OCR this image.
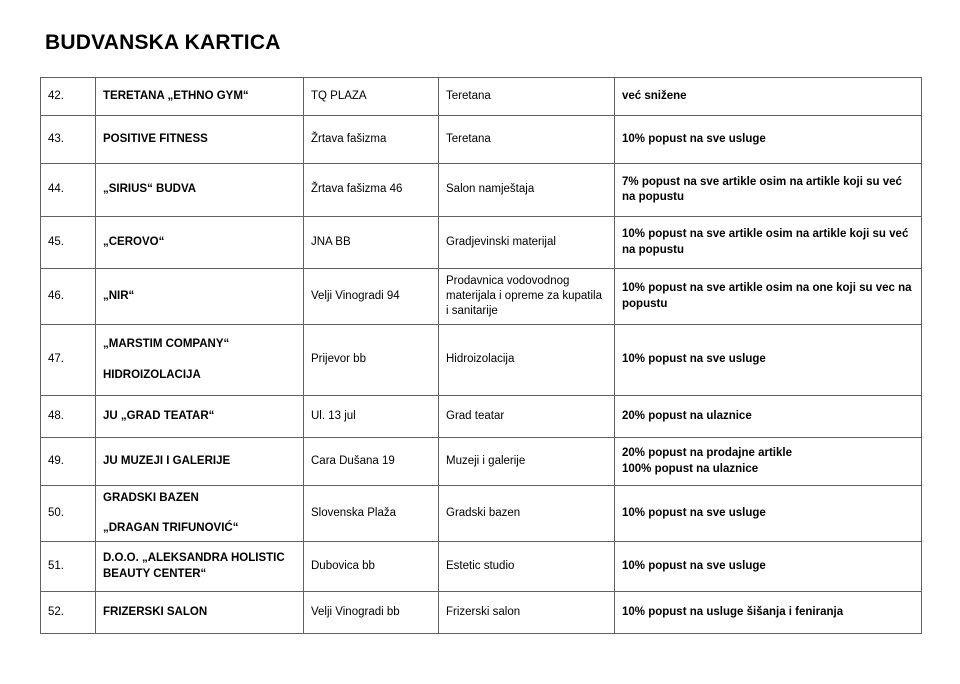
BUDVANSKA KARTICA
42.	TERETANA „ETHNO GYM“	TQ PLAZA	Teretana	već snižene

43.	POSITIVE FITNESS	Žrtava fašizma	Teretana	10% popust na sve usluge

44.	„SIRIUS“ BUDVA	Žrtava fašizma 46	Salon namještaja	7% popust na sve artikle osim na artikle koji su već na popustu

45.	„CEROVO“	JNA BB	Gradjevinski materijal	10% popust na sve artikle osim na artikle koji su već na popustu

46.	„NIR“	Velji Vinogradi 94	Prodavnica vodovodnog materijala i opreme za kupatila i sanitarije	10% popust na sve artikle osim na one koji su vec na popustu

47.	„MARSTIM COMPANY“
HIDROIZOLACIJA	Prijevor bb	Hidroizolacija	10% popust na sve usluge

48.	JU „GRAD TEATAR“	Ul. 13 jul	Grad teatar	20% popust na ulaznice

49.	JU MUZEJI I GALERIJE	Cara Dušana 19	Muzeji i galerije	20% popust na prodajne artikle
100% popust na ulaznice

50.	GRADSKI BAZEN
„DRAGAN TRIFUNOVIĆ“	Slovenska Plaža	Gradski bazen	10% popust na sve usluge

51.	D.O.O. „ALEKSANDRA HOLISTIC BEAUTY CENTER“	Dubovica bb	Estetic studio	10% popust na sve usluge

52.	FRIZERSKI SALON	Velji Vinogradi bb	Frizerski salon	10% popust na usluge šišanja i feniranja
